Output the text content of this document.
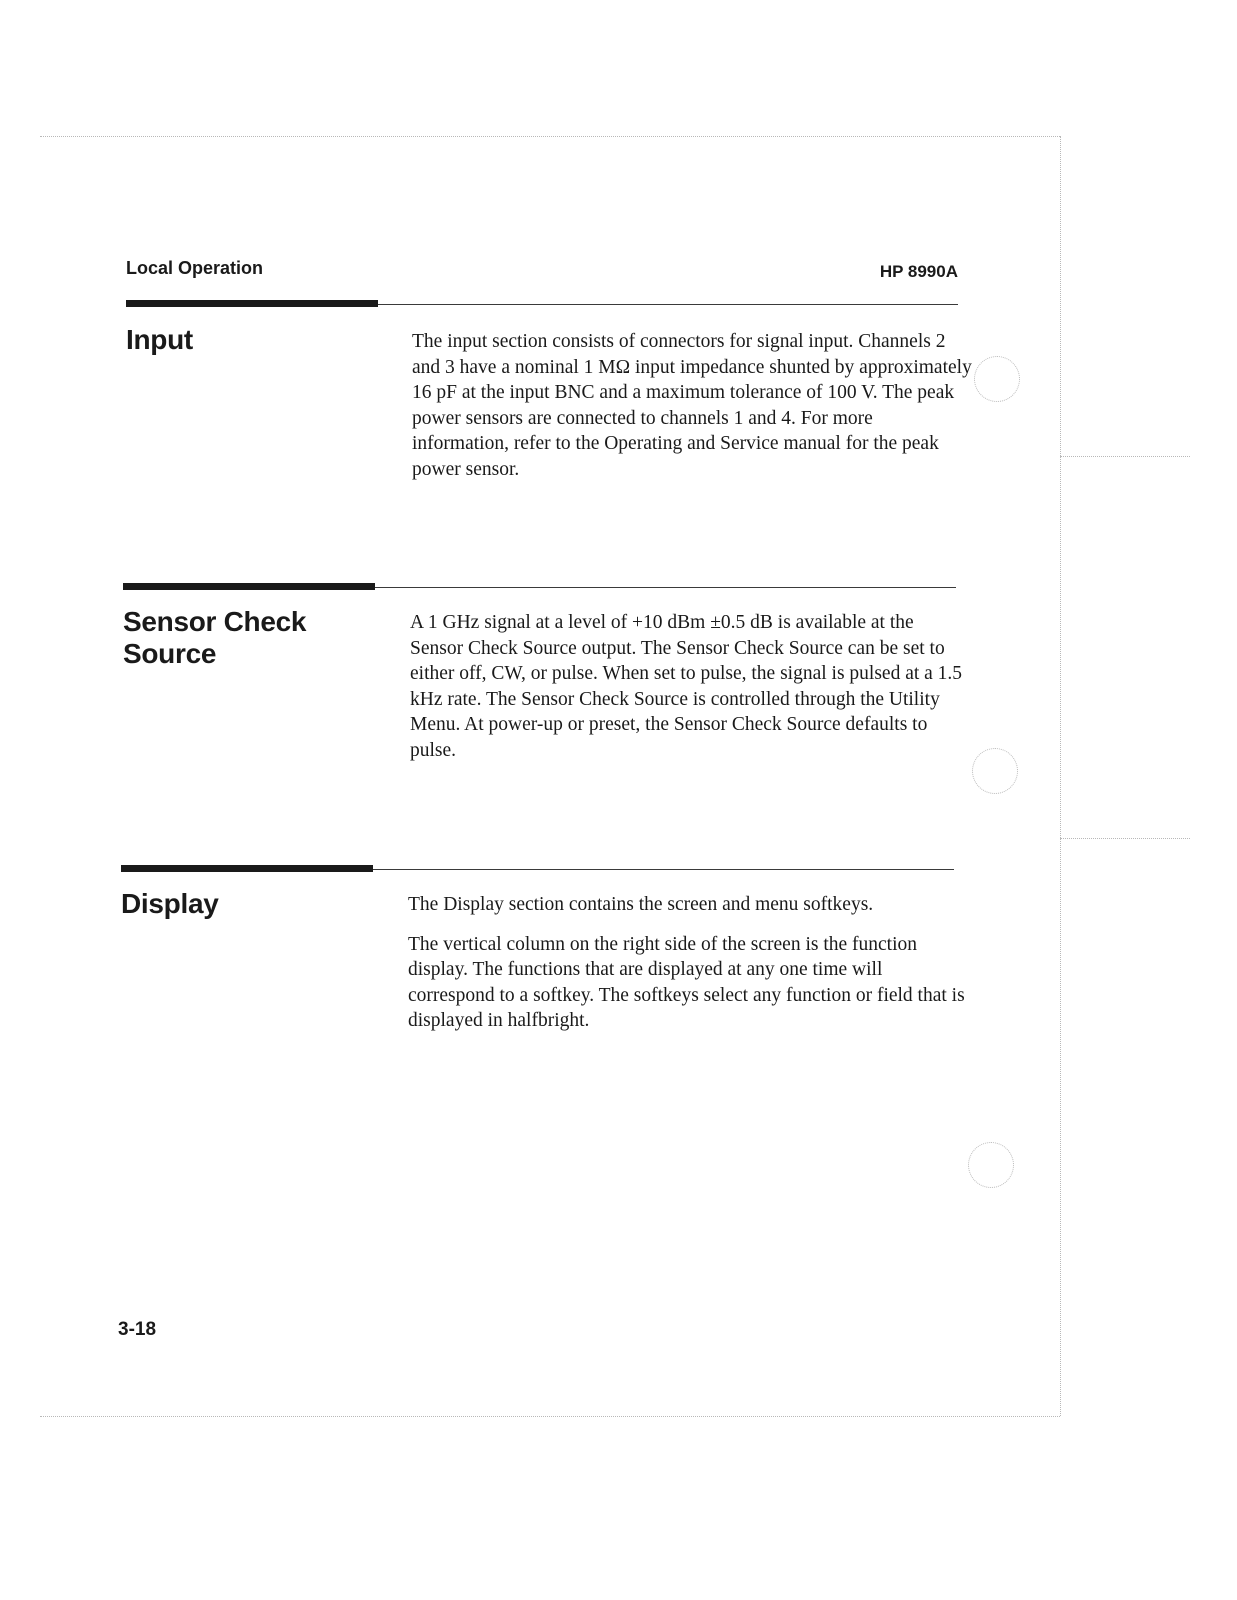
Local Operation	HP 8990A
Input	The input section consists of connectors for signal input. Channels 2 and 3 have a nominal 1 MΩ input impedance shunted by approximately 16 pF at the input BNC and a maximum tolerance of 100 V. The peak power sensors are connected to channels 1 and 4. For more information, refer to the Operating and Service manual for the peak power sensor.

Sensor Check Source

A 1 GHz signal at a level of +10 dBm ±0.5 dB is available at the Sensor Check Source output. The Sensor Check Source can be set to either off, CW, or pulse. When set to pulse, the signal is pulsed at a 1.5 kHz rate. The Sensor Check Source is controlled through the Utility Menu. At power-up or preset, the Sensor Check Source defaults to pulse.

Display	The Display section contains the screen and menu softkeys.

The vertical column on the right side of the screen is the function display. The functions that are displayed at any one time will correspond to a softkey. The softkeys select any function or field that is displayed in halfbright.

3-18
